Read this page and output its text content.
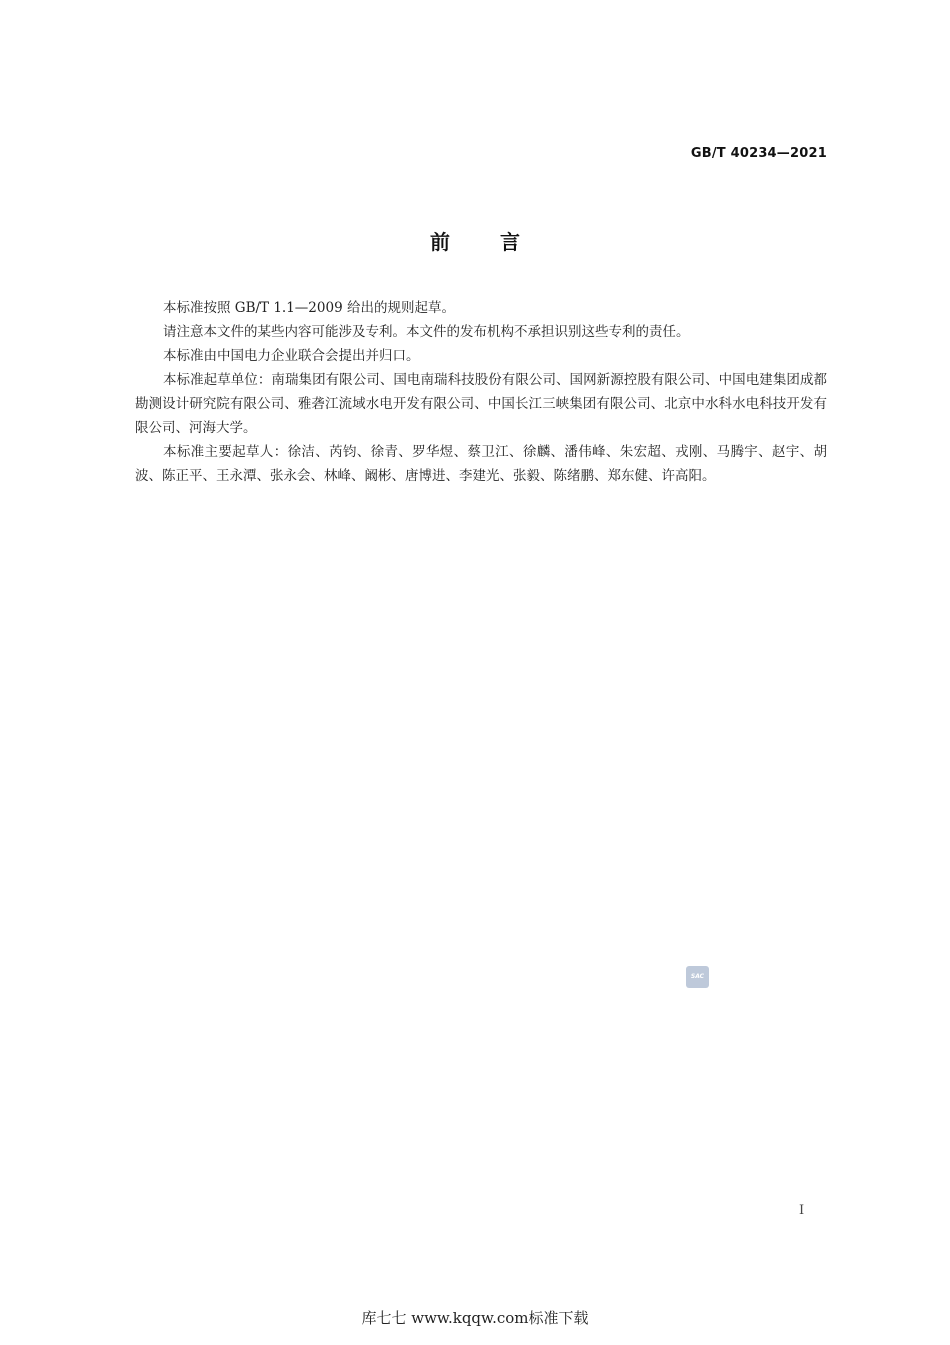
GB/T 40234—2021
前言

本标准按照 GB/T 1.1—2009 给出的规则起草。

请注意本文件的某些内容可能涉及专利。本文件的发布机构不承担识别这些专利的责任。

本标准由中国电力企业联合会提出并归口。

本标准起草单位：南瑞集团有限公司、国电南瑞科技股份有限公司、国网新源控股有限公司、中国电建集团成都勘测设计研究院有限公司、雅砻江流域水电开发有限公司、中国长江三峡集团有限公司、北京中水科水电科技开发有限公司、河海大学。

本标准主要起草人：徐洁、芮钧、徐青、罗华煜、蔡卫江、徐麟、潘伟峰、朱宏超、戎刚、马腾宇、赵宇、胡波、陈正平、王永潭、张永会、林峰、阚彬、唐博进、李建光、张毅、陈绪鹏、郑东健、许高阳。

SAC
I
库七七 www.kqqw.com标准下载
